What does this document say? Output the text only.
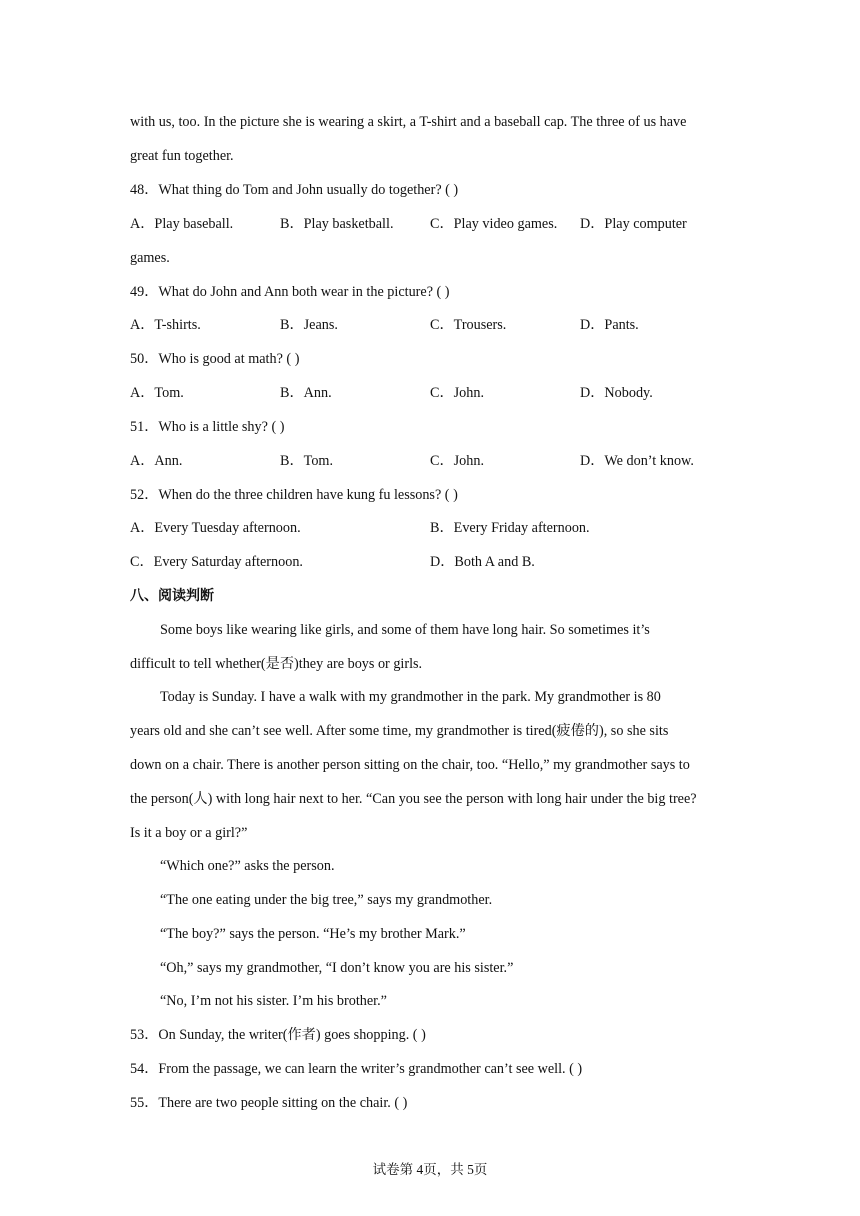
with us, too. In the picture she is wearing a skirt, a T-shirt and a baseball cap. The three of us have
great fun together.
48．What thing do Tom and John usually do together? ( )
A．Play baseball.	B．Play basketball.	C．Play video games. D．Play computer
games.
49．What do John and Ann both wear in the picture? ( )
A．T-shirts.	B．Jeans.	C．Trousers.	D．Pants.
50．Who is good at math? ( )
A．Tom.	B．Ann.	C．John.	D．Nobody.
51．Who is a little shy? ( )
A．Ann.	B．Tom.	C．John.	D．We don’t know.
52．When do the three children have kung fu lessons? ( )
A．Every Tuesday afternoon.	B．Every Friday afternoon.
C．Every Saturday afternoon.	D．Both A and B.
八、阅读判断
Some boys like wearing like girls, and some of them have long hair. So sometimes it’s
difficult to tell whether(是否)they are boys or girls.
Today is Sunday. I have a walk with my grandmother in the park. My grandmother is 80
years old and she can’t see well. After some time, my grandmother is tired(疲倦的), so she sits
down on a chair. There is another person sitting on the chair, too. “Hello,” my grandmother says to
the person(人) with long hair next to her. “Can you see the person with long hair under the big tree?
Is it a boy or a girl?”
“Which one?” asks the person.
“The one eating under the big tree,” says my grandmother.
“The boy?” says the person. “He’s my brother Mark.”
“Oh,” says my grandmother, “I don’t know you are his sister.”
“No, I’m not his sister. I’m his brother.”
53．On Sunday, the writer(作者) goes shopping. ( )
54．From the passage, we can learn the writer’s grandmother can’t see well. ( )
55．There are two people sitting on the chair. ( )
试卷第 4页，共 5页
